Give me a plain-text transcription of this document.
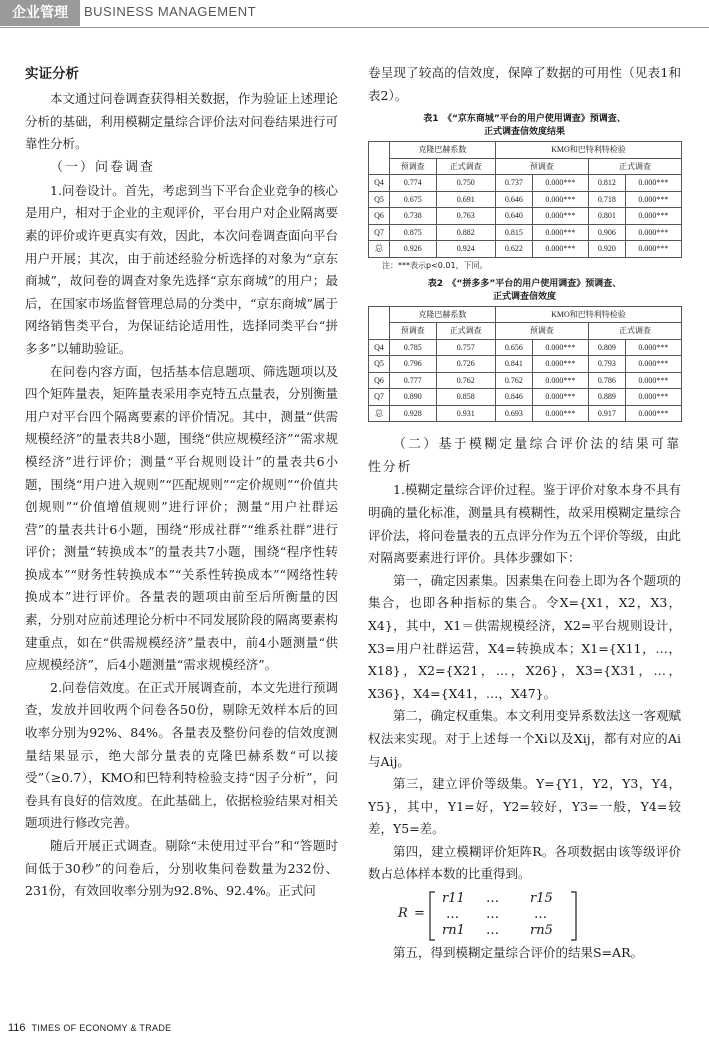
企业管理	BUSINESS MANAGEMENT

实证分析

本文通过问卷调查获得相关数据，作为验证上述理论分析的基础，利用模糊定量综合评价法对问卷结果进行可靠性分析。

（一）问卷调查

1.问卷设计。首先，考虑到当下平台企业竞争的核心是用户，相对于企业的主观评价，平台用户对企业隔离要素的评价或许更真实有效，因此，本次问卷调查面向平台用户开展；其次，由于前述经验分析选择的对象为“京东商城”，故问卷的调查对象先选择“京东商城”的用户；最后，在国家市场监督管理总局的分类中，“京东商城”属于网络销售类平台，为保证结论适用性，选择同类平台“拼多多”以辅助验证。

在问卷内容方面，包括基本信息题项、筛选题项以及四个矩阵量表，矩阵量表采用李克特五点量表，分别衡量用户对平台四个隔离要素的评价情况。其中，测量“供需规模经济”的量表共8小题，围绕“供应规模经济”“需求规模经济”进行评价；测量“平台规则设计”的量表共6小题，围绕“用户进入规则”“匹配规则”“定价规则”“价值共创规则”“价值增值规则”进行评价；测量“用户社群运营”的量表共计6小题，围绕“形成社群”“维系社群”进行评价；测量“转换成本”的量表共7小题，围绕“程序性转换成本”“财务性转换成本”“关系性转换成本”“网络性转换成本”进行评价。各量表的题项由前至后所衡量的因素，分别对应前述理论分析中不同发展阶段的隔离要素构建重点，如在“供需规模经济”量表中，前4小题测量“供应规模经济”，后4小题测量“需求规模经济”。

2.问卷信效度。在正式开展调查前，本文先进行预调查，发放并回收两个问卷各50份，剔除无效样本后的回收率分别为92%、84%。各量表及整份问卷的信效度测量结果显示，绝大部分量表的克隆巴赫系数“可以接受”（≥0.7），KMO和巴特利特检验支持“因子分析”，问卷具有良好的信效度。在此基础上，依据检验结果对相关题项进行修改完善。

随后开展正式调查。剔除“未使用过平台”和“答题时间低于30秒”的问卷后，分别收集问卷数量为232份、231份，有效回收率分别为92.8%、92.4%。正式问

卷呈现了较高的信效度，保障了数据的可用性（见表1和表2）。

表1　《“京东商城”平台的用户使用调查》预调查、

正式调查信效度结果

	克隆巴赫系数		KMO和巴特利特检验			
	预调查	正式调查	预调查		正式调查	
Q4	0.774	0.750	0.737	0.000***	0.812	0.000***
Q5	0.675	0.691	0.646	0.000***	0.718	0.000***
Q6	0.738	0.763	0.640	0.000***	0.801	0.000***
Q7	0.875	0.882	0.815	0.000***	0.906	0.000***
总	0.926	0.924	0.622	0.000***	0.920	0.000***

注：***表示p<0.01，下同。

表2　《“拼多多”平台的用户使用调查》预调查、

正式调查信效度

	克隆巴赫系数		KMO和巴特利特检验			
	预调查	正式调查	预调查		正式调查	
Q4	0.785	0.757	0.656	0.000***	0.809	0.000***
Q5	0.796	0.726	0.841	0.000***	0.793	0.000***
Q6	0.777	0.762	0.762	0.000***	0.786	0.000***
Q7	0.890	0.858	0.846	0.000***	0.889	0.000***
总	0.928	0.931	0.693	0.000***	0.917	0.000***

（二）基于模糊定量综合评价法的结果可靠性分析

1.模糊定量综合评价过程。鉴于评价对象本身不具有明确的量化标准，测量具有模糊性，故采用模糊定量综合评价法，将问卷量表的五点评分作为五个评价等级，由此对隔离要素进行评价。具体步骤如下：

第一，确定因素集。因素集在问卷上即为各个题项的集合，也即各种指标的集合。令X={X1，X2，X3，X4}，其中，X1＝供需规模经济，X2=平台规则设计，X3=用户社群运营，X4=转换成本；X1={X11，…，X18}，X2={X21，…，X26}，X3={X31，…，X36}，X4={X41，…，X47}。

第二，确定权重集。本文利用变异系数法这一客观赋权法来实现。对于上述每一个Xi以及Xij，都有对应的Ai与Aij。

第三，建立评价等级集。Y={Y1，Y2，Y3，Y4，Y5}，其中，Y1=好，Y2=较好，Y3=一般，Y4=较差，Y5=差。

第四，建立模糊评价矩阵R。各项数据由该等级评价数占总体样本数的比重得到。

R =
r11 … r15
… …	…
rn1 … rn5

第五，得到模糊定量综合评价的结果S=AR。

116 TIMES OF ECONOMY & TRADE
